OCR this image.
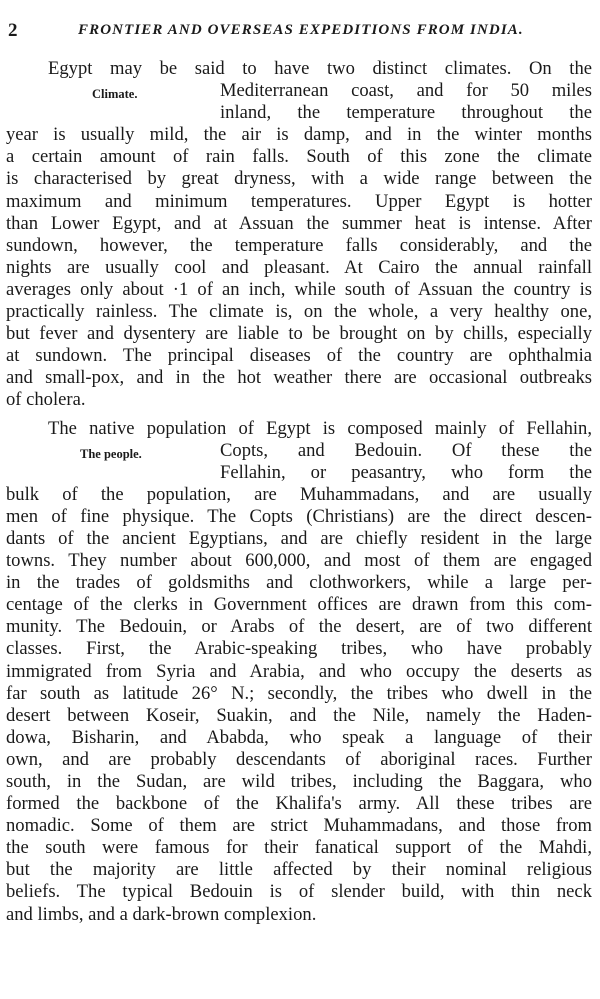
2	FRONTIER AND OVERSEAS EXPEDITIONS FROM INDIA.
Egypt may be said to have two distinct climates. On the
Climate.	Mediterranean coast, and for 50 miles
inland, the temperature throughout the
year is usually mild, the air is damp, and in the winter months
a certain amount of rain falls. South of this zone the climate
is characterised by great dryness, with a wide range between the
maximum and minimum temperatures. Upper Egypt is hotter
than Lower Egypt, and at Assuan the summer heat is intense. After
sundown, however, the temperature falls considerably, and the
nights are usually cool and pleasant. At Cairo the annual rainfall
averages only about ·1 of an inch, while south of Assuan the country is
practically rainless. The climate is, on the whole, a very healthy one,
but fever and dysentery are liable to be brought on by chills, especially
at sundown. The principal diseases of the country are ophthalmia
and small-pox, and in the hot weather there are occasional outbreaks
of cholera.
The native population of Egypt is composed mainly of Fellahin,
The people.	Copts, and Bedouin. Of these the
Fellahin, or peasantry, who form the
bulk of the population, are Muhammadans, and are usually
men of fine physique. The Copts (Christians) are the direct descen-
dants of the ancient Egyptians, and are chiefly resident in the large
towns. They number about 600,000, and most of them are engaged
in the trades of goldsmiths and clothworkers, while a large per-
centage of the clerks in Government offices are drawn from this com-
munity. The Bedouin, or Arabs of the desert, are of two different
classes. First, the Arabic-speaking tribes, who have probably
immigrated from Syria and Arabia, and who occupy the deserts as
far south as latitude 26° N.; secondly, the tribes who dwell in the
desert between Koseir, Suakin, and the Nile, namely the Haden-
dowa, Bisharin, and Ababda, who speak a language of their
own, and are probably descendants of aboriginal races. Further
south, in the Sudan, are wild tribes, including the Baggara, who
formed the backbone of the Khalifa's army. All these tribes are
nomadic. Some of them are strict Muhammadans, and those from
the south were famous for their fanatical support of the Mahdi,
but the majority are little affected by their nominal religious
beliefs. The typical Bedouin is of slender build, with thin neck
and limbs, and a dark-brown complexion.
